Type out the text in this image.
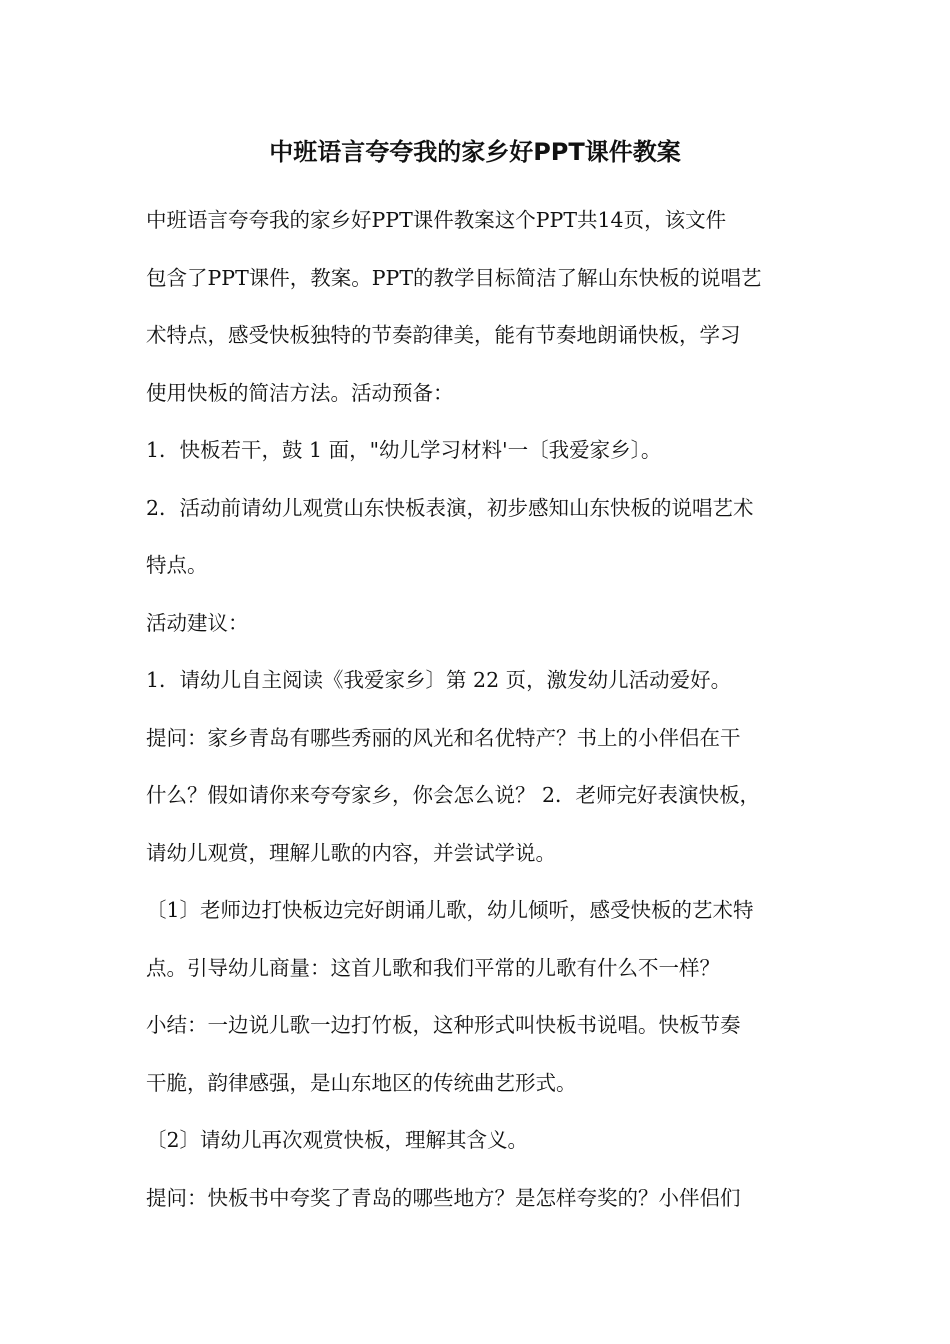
中班语言夸夸我的家乡好PPT课件教案
中班语言夸夸我的家乡好PPT课件教案这个PPT共14页，该文件
包含了PPT课件，教案。PPT的教学目标简洁了解山东快板的说唱艺
术特点，感受快板独特的节奏韵律美，能有节奏地朗诵快板，学习
使用快板的简洁方法。活动预备：
1．快板若干，鼓 1 面，"幼儿学习材料'一〔我爱家乡〕。
2．活动前请幼儿观赏山东快板表演，初步感知山东快板的说唱艺术
特点。
活动建议：
1．请幼儿自主阅读《我爱家乡〕第 22 页，激发幼儿活动爱好。
提问：家乡青岛有哪些秀丽的风光和名优特产？书上的小伴侣在干
什么？假如请你来夸夸家乡，你会怎么说？ 2．老师完好表演快板，
请幼儿观赏，理解儿歌的内容，并尝试学说。
〔1〕老师边打快板边完好朗诵儿歌，幼儿倾听，感受快板的艺术特
点。引导幼儿商量：这首儿歌和我们平常的儿歌有什么不一样？
小结：一边说儿歌一边打竹板，这种形式叫快板书说唱。快板节奏
干脆，韵律感强，是山东地区的传统曲艺形式。
〔2〕请幼儿再次观赏快板，理解其含义。
提问：快板书中夸奖了青岛的哪些地方？是怎样夸奖的？小伴侣们
